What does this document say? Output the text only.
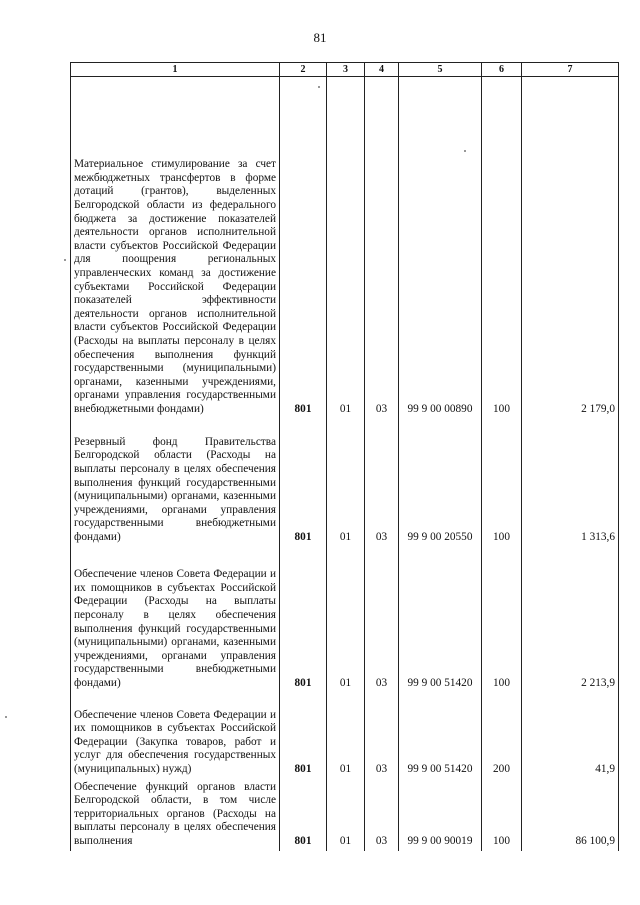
81
1	2	3	4	5	6	7
Материальное стимулирование за счет межбюджетных трансфертов в форме дотаций (грантов), выделенных Белгородской области из федерального бюджета за достижение показателей деятельности органов исполнительной власти субъектов Российской Федерации для поощрения региональных управленческих команд за достижение субъектами Российской Федерации показателей эффективности деятельности органов исполнительной власти субъектов Российской Федерации (Расходы на выплаты персоналу в целях обеспечения выполнения функций государственными (муниципальными) органами, казенными учреждениями, органами управления государственными внебюджетными фондами)	801	01	03	99 9 00 00890	100	2 179,0
Резервный фонд Правительства Белгородской области (Расходы на выплаты персоналу в целях обеспечения выполнения функций государственными (муниципальными) органами, казенными учреждениями, органами управления государственными внебюджетными фондами)	801	01	03	99 9 00 20550	100	1 313,6
Обеспечение членов Совета Федерации и их помощников в субъектах Российской Федерации (Расходы на выплаты персоналу в целях обеспечения выполнения функций государственными (муниципальными) органами, казенными учреждениями, органами управления государственными внебюджетными фондами)	801	01	03	99 9 00 51420	100	2 213,9
Обеспечение членов Совета Федерации и их помощников в субъектах Российской Федерации (Закупка товаров, работ и услуг для обеспечения государственных (муниципальных) нужд)	801	01	03	99 9 00 51420	200	41,9
Обеспечение функций органов власти Белгородской области, в том числе территориальных органов (Расходы на выплаты персоналу в целях обеспечения выполнения	801	01	03	99 9 00 90019	100	86 100,9
